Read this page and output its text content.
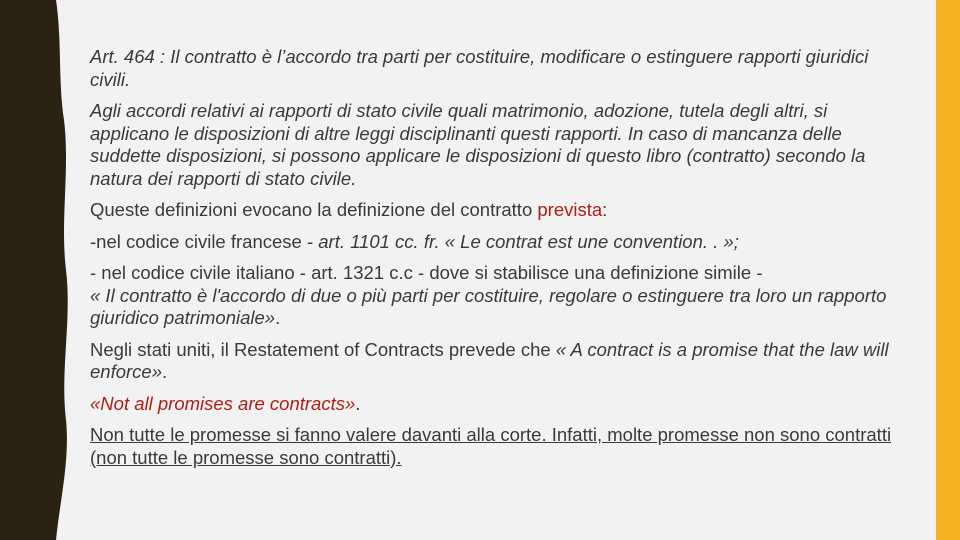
Art. 464 : Il contratto è l’accordo tra parti per costituire, modificare o estinguere rapporti giuridici civili.

Agli accordi relativi ai rapporti di stato civile quali matrimonio, adozione, tutela degli altri, si applicano le disposizioni di altre leggi disciplinanti questi rapporti. In caso di mancanza delle suddette disposizioni, si possono applicare le disposizioni di questo libro (contratto) secondo la natura dei rapporti di stato civile.

Queste definizioni evocano la definizione del contratto prevista:

-nel codice civile francese - art. 1101 cc. fr. « Le contrat est une convention. . »;

- nel codice civile italiano - art. 1321 c.c - dove si stabilisce una definizione simile -
« Il contratto è l'accordo di due o più parti per costituire, regolare o estinguere tra loro un rapporto giuridico patrimoniale».

Negli stati uniti, il Restatement of Contracts prevede che « A contract is a promise that the law will enforce».

«Not all promises are contracts».

Non tutte le promesse si fanno valere davanti alla corte. Infatti, molte promesse non sono contratti (non tutte le promesse sono contratti).
